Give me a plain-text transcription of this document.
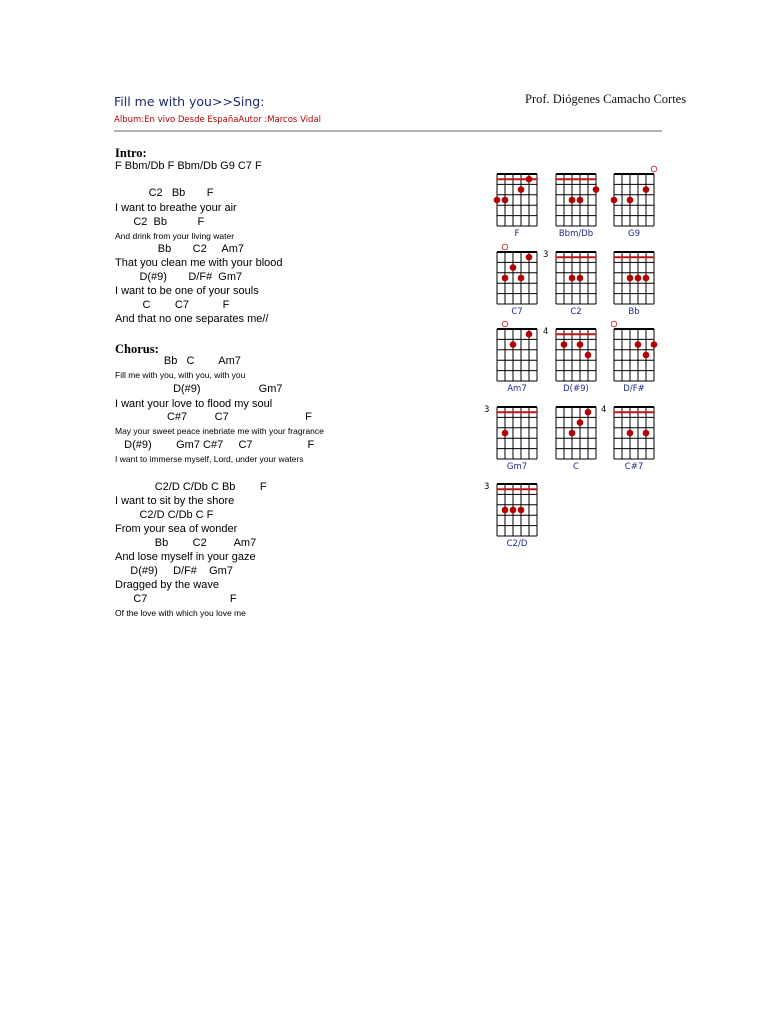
Fill me with you>>Sing:	Prof. Diógenes Camacho Cortes
Album:En vivo Desde EspañaAutor :Marcos Vidal
Intro:
F Bbm/Db F Bbm/Db G9 C7 F
C2   Bb       F
I want to breathe your air
C2  Bb          F
And drink from your living water
Bb       C2     Am7
That you clean me with your blood
D(#9)       D/F#  Gm7
I want to be one of your souls
C        C7           F
And that no one separates me//
Chorus:
Bb   C        Am7
Fill me with you, with you, with you
D(#9)                   Gm7
I want your love to flood my soul
C#7         C7                         F
May your sweet peace inebriate me with your fragrance
D(#9)        Gm7 C#7     C7                  F
I want to immerse myself, Lord, under your waters
C2/D C/Db C Bb        F
I want to sit by the shore
C2/D C/Db C F
From your sea of wonder
Bb        C2         Am7
And lose myself in your gaze
D(#9)     D/F#    Gm7
Dragged by the wave
C7                           F
Of the love with which you love me
F	Bbm/Db	G9
C7	C2
3
Bb
Am7	D(#9)
4
D/F#
Gm7
3
C	C#7
4
C2/D
3
